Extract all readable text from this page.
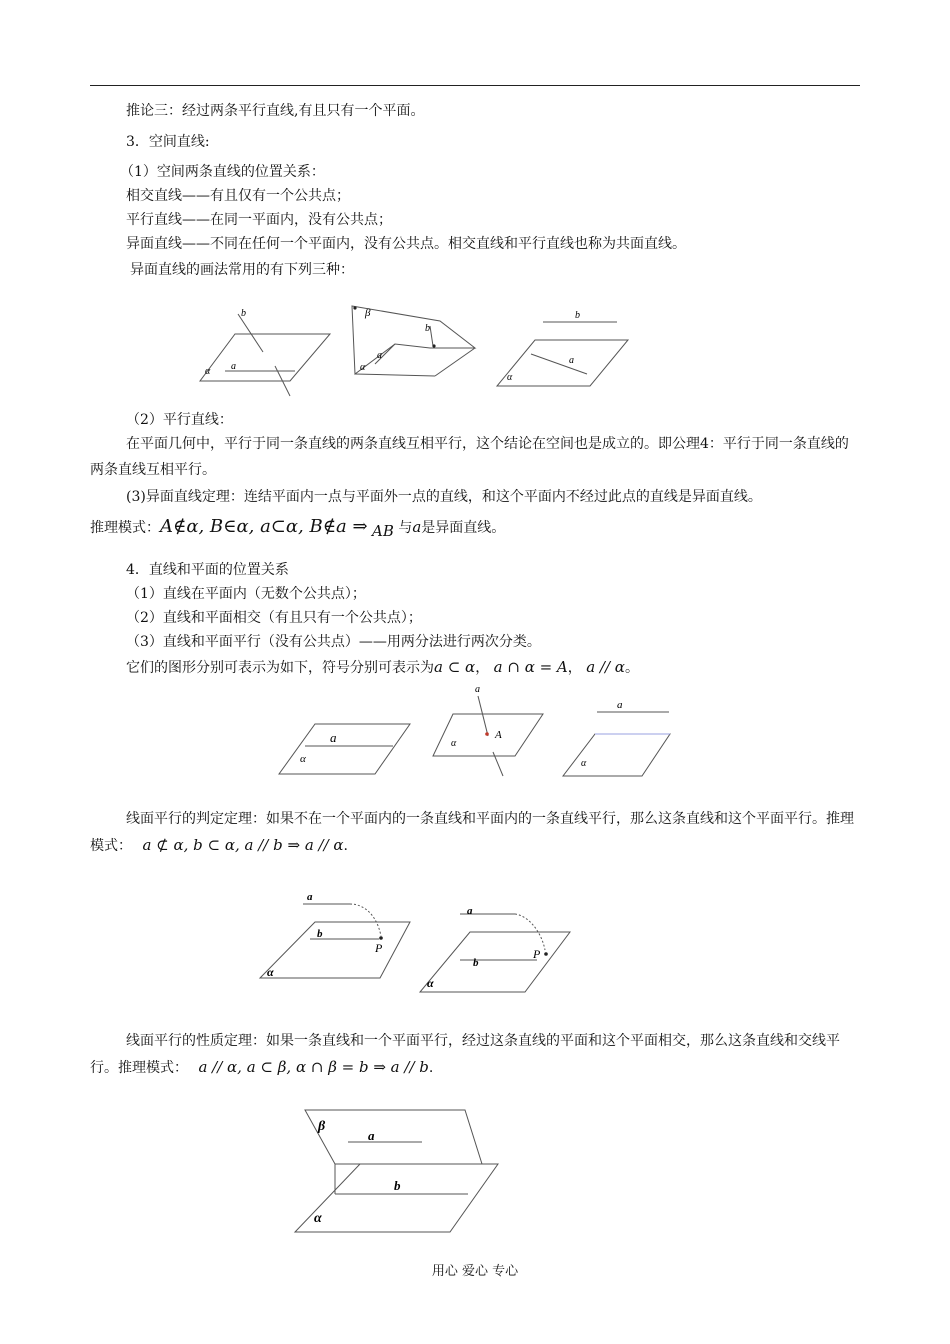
推论三：经过两条平行直线,有且只有一个平面。
3．空间直线:
（1）空间两条直线的位置关系：
相交直线——有且仅有一个公共点；
平行直线——在同一平面内，没有公共点；
异面直线——不同在任何一个平面内，没有公共点。相交直线和平行直线也称为共面直线。
异面直线的画法常用的有下列三种：
b
a
α
β
b
a
α
b
a
α
（2）平行直线：
在平面几何中，平行于同一条直线的两条直线互相平行，这个结论在空间也是成立的。即公理4：平行于同一条直线的两条直线互相平行。
(3)异面直线定理：连结平面内一点与平面外一点的直线，和这个平面内不经过此点的直线是异面直线。
推理模式：A∉α, B∈α, a⊂α, B∉a ⇒ AB 与a是异面直线。
4．直线和平面的位置关系
（1）直线在平面内（无数个公共点）；
（2）直线和平面相交（有且只有一个公共点）；
（3）直线和平面平行（没有公共点）——用两分法进行两次分类。
它们的图形分别可表示为如下，符号分别可表示为a ⊂ α， a ∩ α = A， a // α。
a
α
a
A
α
a
α
线面平行的判定定理：如果不在一个平面内的一条直线和平面内的一条直线平行，那么这条直线和这个平面平行。推理模式： a ⊄ α, b ⊂ α, a // b ⇒ a // α.
a
b
P
α
a
b
P
α
线面平行的性质定理：如果一条直线和一个平面平行，经过这条直线的平面和这个平面相交，那么这条直线和交线平行。推理模式： a // α, a ⊂ β, α ∩ β = b ⇒ a // b.
β
a
b
α
用心 爱心 专心
